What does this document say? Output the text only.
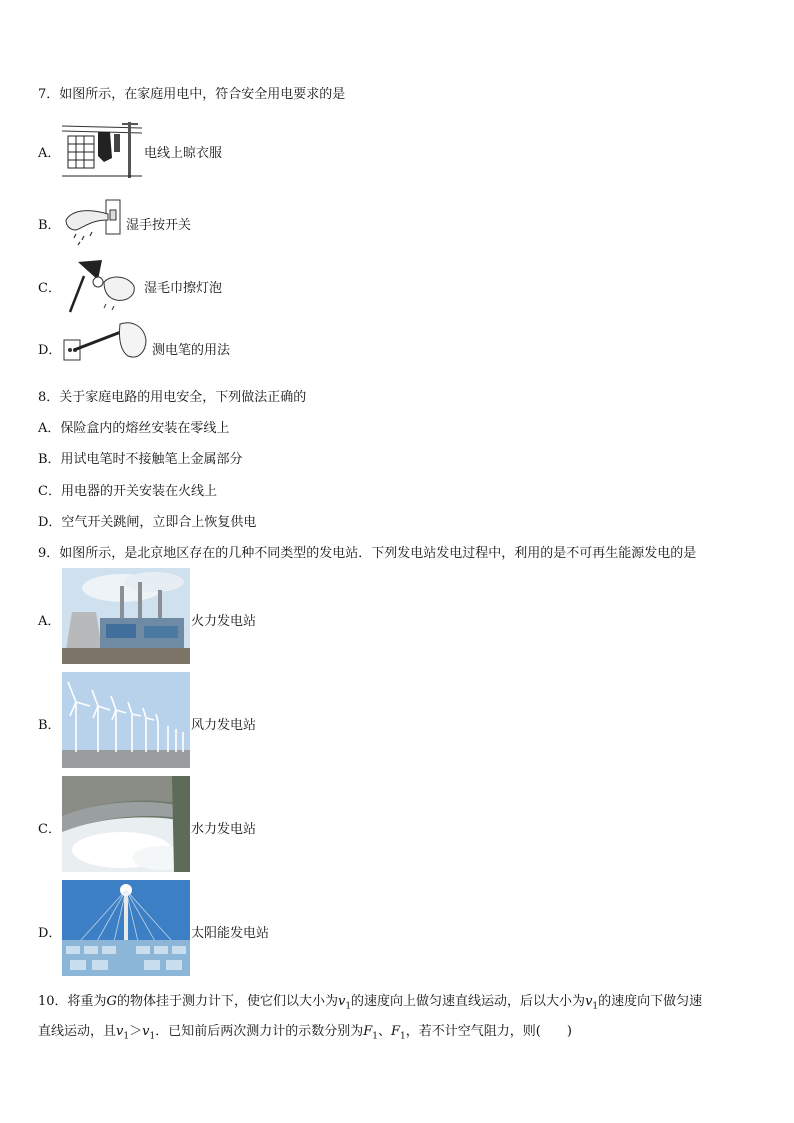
7．如图所示，在家庭用电中，符合安全用电要求的是
A．	电线上晾衣服
B．	湿手按开关
C．	湿毛巾擦灯泡
D．	测电笔的用法
8．关于家庭电路的用电安全，下列做法正确的
A．保险盒内的熔丝安装在零线上
B．用试电笔时不接触笔上金属部分
C．用电器的开关安装在火线上
D．空气开关跳闸，立即合上恢复供电
9．如图所示，是北京地区存在的几种不同类型的发电站．下列发电站发电过程中，利用的是不可再生能源发电的是
A．	火力发电站
B．	风力发电站
C．	水力发电站
D．	太阳能发电站
10．将重为G的物体挂于测力计下，使它们以大小为$v_1$的速度向上做匀速直线运动，后以大小为$v_1$的速度向下做匀速
直线运动，且$v_1>v_1$．已知前后两次测力计的示数分别为$F_1$、$F_1$，若不计空气阻力，则(　　)
